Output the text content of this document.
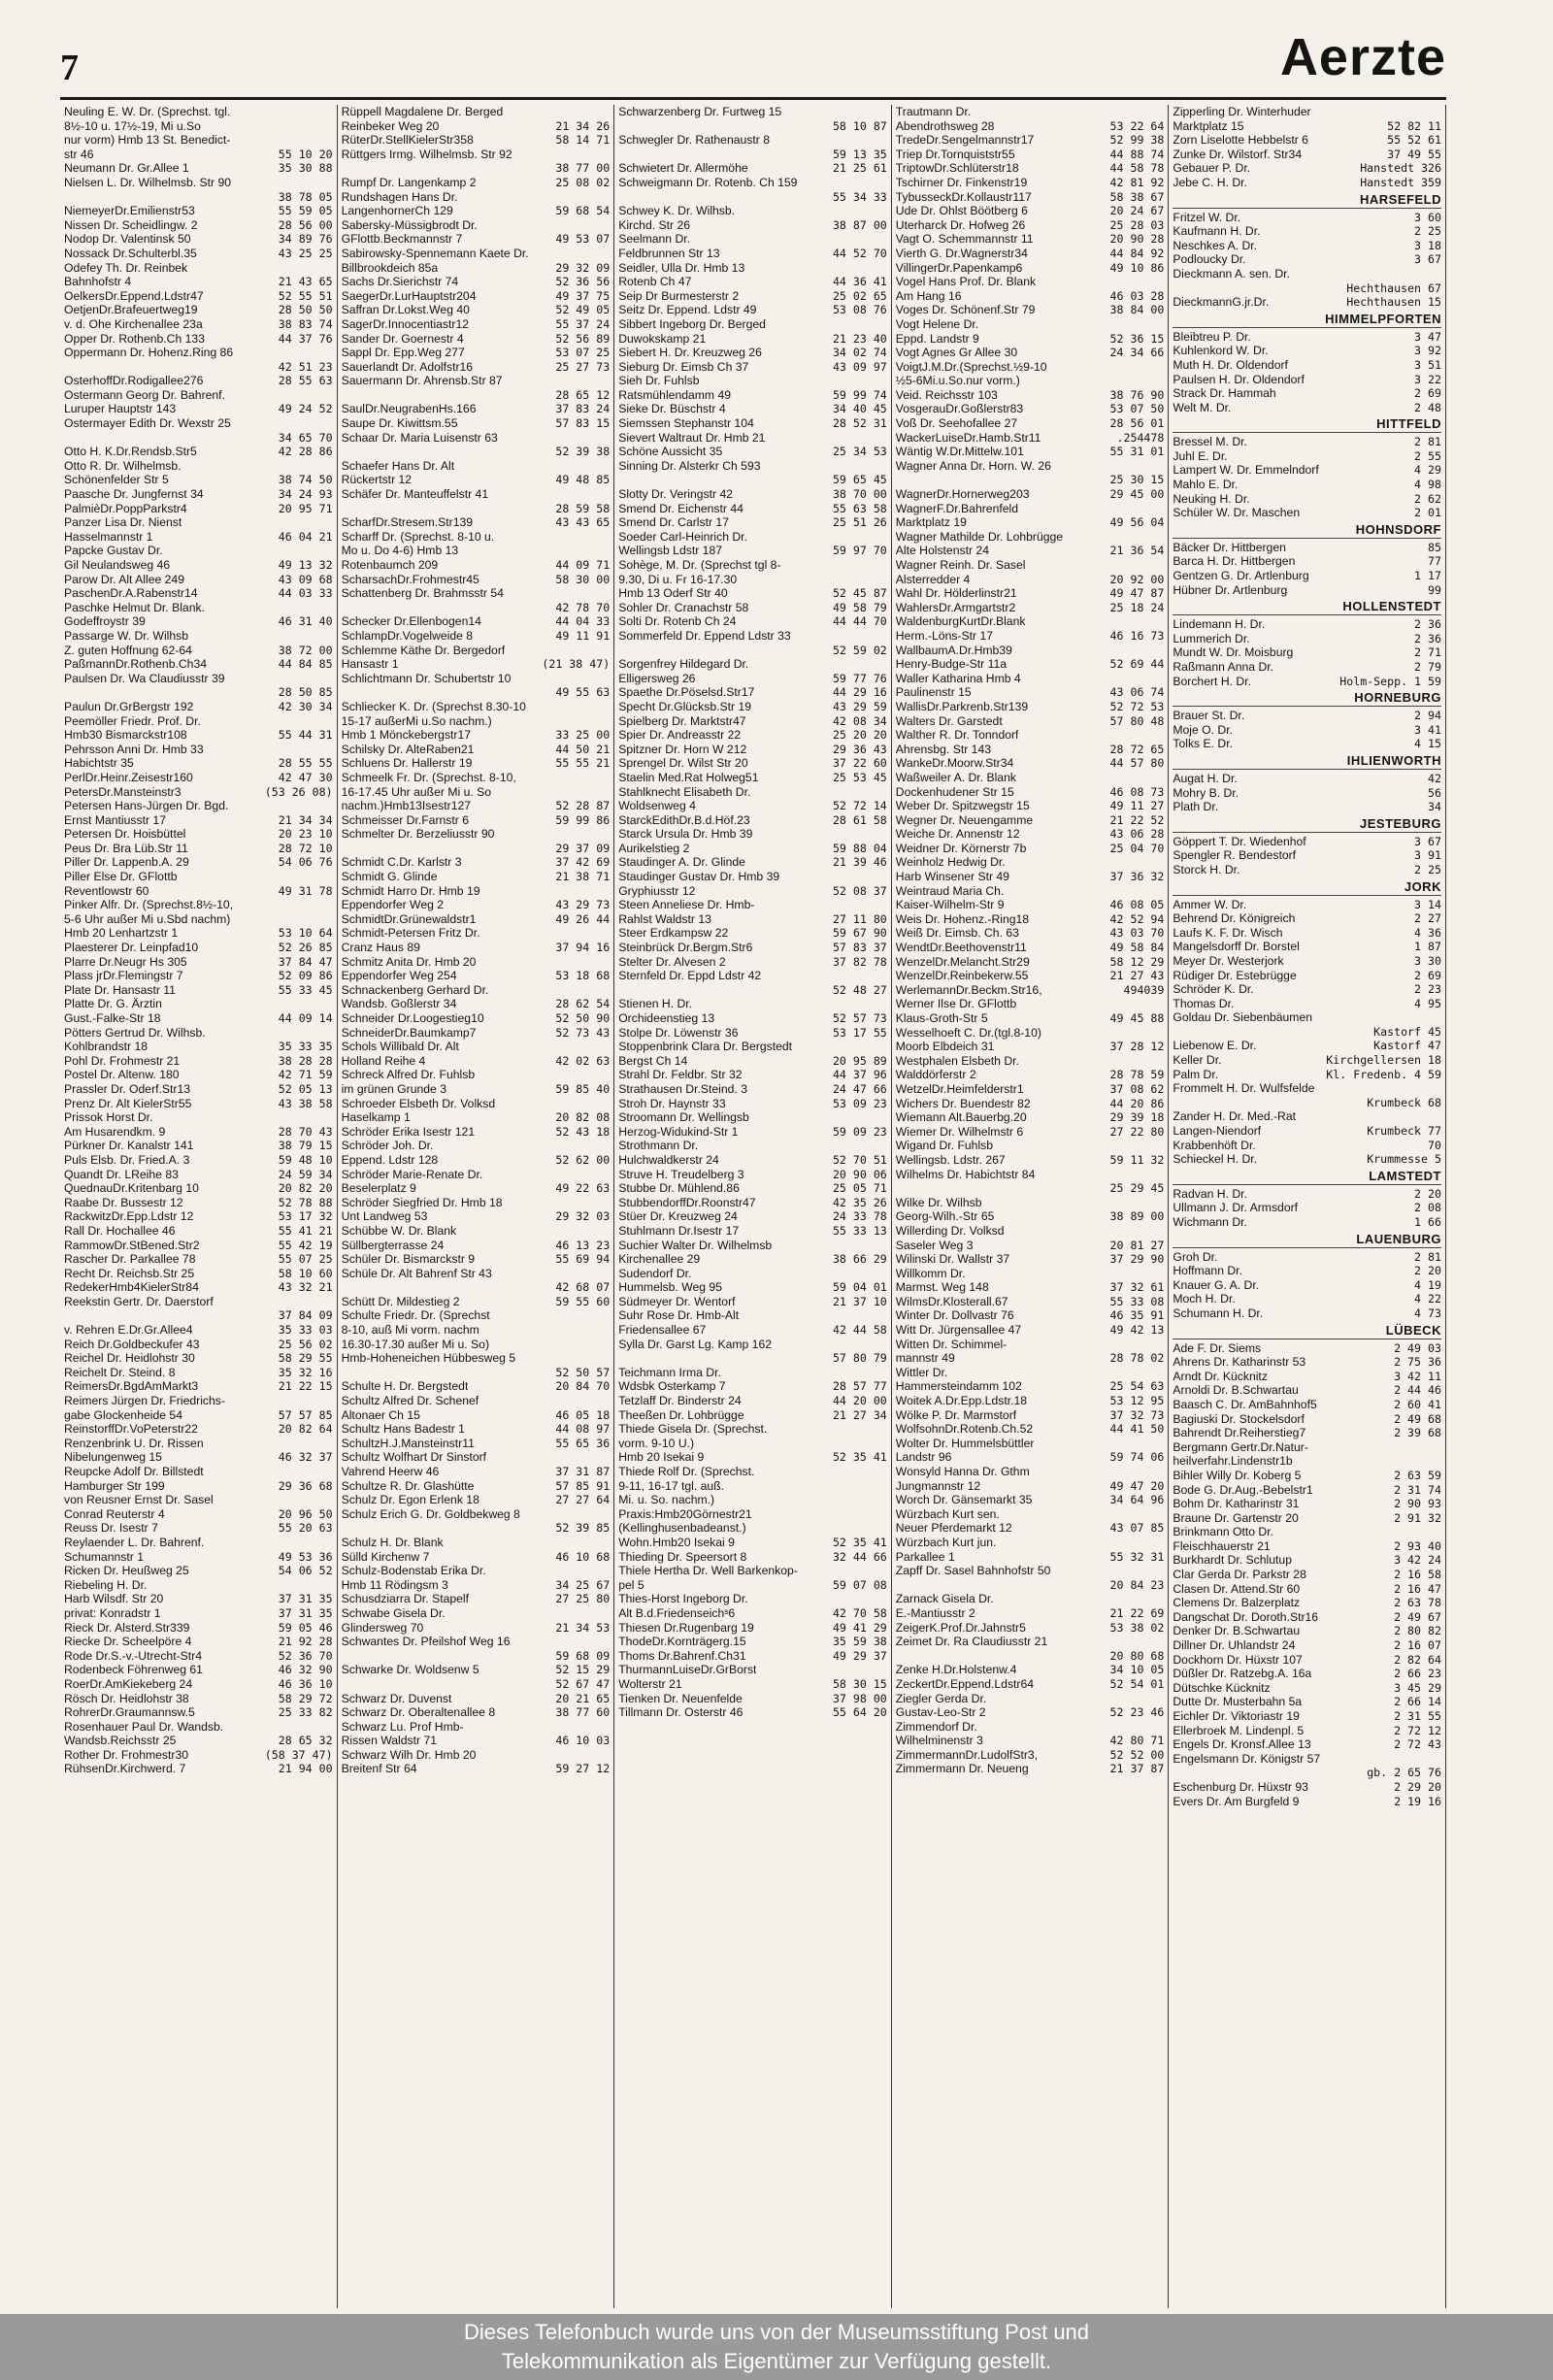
7	Aerzte
Neuling E. W. Dr. (Sprechst. tgl.
8½-10 u. 17½-19, Mi u.So
nur vorm) Hmb 13 St. Benedict-
str 46	55 10 20
Neumann Dr. Gr.Allee 1	35 30 88
Nielsen L. Dr. Wilhelmsb. Str 90
38 78 05
NiemeyerDr.Emilienstr53	55 59 05
Nissen Dr. Scheidlingw. 2	28 56 00
Nodop Dr. Valentinsk 50	34 89 76
Nossack Dr.Schulterbl.35	43 25 25
Odefey Th. Dr. Reinbek
Bahnhofstr 4	21 43 65
OelkersDr.Eppend.Ldstr47	52 55 51
OetjenDr.Brafeuertweg19	28 50 50
v. d. Ohe Kirchenallee 23a	38 83 74
Opper Dr. Rothenb.Ch 133	44 37 76
Oppermann Dr. Hohenz.Ring 86
42 51 23
OsterhoffDr.Rodigallee276	28 55 63
Ostermann Georg Dr. Bahrenf.
Luruper Hauptstr 143	49 24 52
Ostermayer Edith Dr. Wexstr 25
34 65 70
Otto H. K.Dr.Rendsb.Str5	42 28 86
Otto R. Dr. Wilhelmsb.
Schönenfelder Str 5	38 74 50
Paasche Dr. Jungfernst 34	34 24 93
PalmièDr.PoppParkstr4	20 95 71
Panzer Lisa Dr. Nienst
Hasselmannstr 1	46 04 21
Papcke Gustav Dr.
Gil Neulandsweg 46	49 13 32
Parow Dr. Alt Allee 249	43 09 68
PaschenDr.A.Rabenstr14	44 03 33
Paschke Helmut Dr. Blank.
Godeffroystr 39	46 31 40
Passarge W. Dr. Wilhsb
Z. guten Hoffnung 62-64	38 72 00
PaßmannDr.Rothenb.Ch34	44 84 85
Paulsen Dr. Wa Claudiusstr 39
28 50 85
Paulun Dr.GrBergstr 192	42 30 34
Peemöller Friedr. Prof. Dr.
Hmb30 Bismarckstr108	55 44 31
Pehrsson Anni Dr. Hmb 33
Habichtstr 35	28 55 55
PerlDr.Heinr.Zeisestr160	42 47 30
PetersDr.Mansteinstr3	(53 26 08)
Petersen Hans-Jürgen Dr. Bgd.
Ernst Mantiusstr 17	21 34 34
Petersen Dr. Hoisbüttel	20 23 10
Peus Dr. Bra Lüb.Str 11	28 72 10
Piller Dr. Lappenb.A. 29	54 06 76
Piller Else Dr. GFlottb
Reventlowstr 60	49 31 78
Pinker Alfr. Dr. (Sprechst.8½-10,
5-6 Uhr außer Mi u.Sbd nachm)
Hmb 20 Lenhartzstr 1	53 10 64
Plaesterer Dr. Leinpfad10	52 26 85
Plarre Dr.Neugr Hs 305	37 84 47
Plass jrDr.Flemingstr 7	52 09 86
Plate Dr. Hansastr 11	55 33 45
Platte Dr. G. Ärztin
Gust.-Falke-Str 18	44 09 14
Pötters Gertrud Dr. Wilhsb.
Kohlbrandstr 18	35 33 35
Pohl Dr. Frohmestr 21	38 28 28
Postel Dr. Altenw. 180	42 71 59
Prassler Dr. Oderf.Str13	52 05 13
Prenz Dr. Alt KielerStr55	43 38 58
Prissok Horst Dr.
Am Husarendkm. 9	28 70 43
Pürkner Dr. Kanalstr 141	38 79 15
Puls Elsb. Dr. Fried.A. 3	59 48 10
Quandt Dr. LReihe 83	24 59 34
QuednauDr.Kritenbarg 10	20 82 20
Raabe Dr. Bussestr 12	52 78 88
RackwitzDr.Epp.Ldstr 12	53 17 32
Rall Dr. Hochallee 46	55 41 21
RammowDr.StBened.Str2	55 42 19
Rascher Dr. Parkallee 78	55 07 25
Recht Dr. Reichsb.Str 25	58 10 60
RedekerHmb4KielerStr84	43 32 21
Reekstin Gertr. Dr. Daerstorf
37 84 09
v. Rehren E.Dr.Gr.Allee4	35 33 03
Reich Dr.Goldbeckufer 43	25 56 02
Reichel Dr. Heidlohstr 30	58 29 55
Reichelt Dr. Steind. 8	35 32 16
ReimersDr.BgdAmMarkt3	21 22 15
Reimers Jürgen Dr. Friedrichs-
gabe Glockenheide 54	57 57 85
ReinstorffDr.VoPeterstr22	20 82 64
Renzenbrink U. Dr. Rissen
Nibelungenweg 15	46 32 37
Reupcke Adolf Dr. Billstedt
Hamburger Str 199	29 36 68
von Reusner Ernst Dr. Sasel
Conrad Reuterstr 4	20 96 50
Reuss Dr. Isestr 7	55 20 63
Reylaender L. Dr. Bahrenf.
Schumannstr 1	49 53 36
Ricken Dr. Heußweg 25	54 06 52
Riebeling H. Dr.
Harb Wilsdf. Str 20	37 31 35
privat: Konradstr 1	37 31 35
Rieck Dr. Alsterd.Str339	59 05 46
Riecke Dr. Scheelpöre 4	21 92 28
Rode Dr.S.-v.-Utrecht-Str4	52 36 70
Rodenbeck Föhrenweg 61	46 32 90
RoerDr.AmKiekeberg 24	46 36 10
Rösch Dr. Heidlohstr 38	58 29 72
RohrerDr.Graumannsw.5	25 33 82
Rosenhauer Paul Dr. Wandsb.
Wandsb.Reichsstr 25	28 65 32
Rother Dr. Frohmestr30	(58 37 47)
RühsenDr.Kirchwerd. 7	21 94 00
Rüppell Magdalene Dr. Berged
Reinbeker Weg 20	21 34 26
RüterDr.StellKielerStr358	58 14 71
Rüttgers Irmg. Wilhelmsb. Str 92
38 77 00
Rumpf Dr. Langenkamp 2	25 08 02
Rundshagen Hans Dr.
LangenhornerCh 129	59 68 54
Sabersky-Müssigbrodt Dr.
GFlottb.Beckmannstr 7	49 53 07
Sabirowsky-Spennemann Kaete Dr.
Billbrookdeich 85a	29 32 09
Sachs Dr.Sierichstr 74	52 36 56
SaegerDr.LurHauptstr204	49 37 75
Saffran Dr.Lokst.Weg 40	52 49 05
SagerDr.Innocentiastr12	55 37 24
Sander Dr. Goernestr 4	52 56 89
Sappl Dr. Epp.Weg 277	53 07 25
Sauerlandt Dr. Adolfstr16	25 27 73
Sauermann Dr. Ahrensb.Str 87
28 65 12
SaulDr.NeugrabenHs.166	37 83 24
Saupe Dr. Kiwittsm.55	57 83 15
Schaar Dr. Maria Luisenstr 63
52 39 38
Schaefer Hans Dr. Alt
Rückertstr 12	49 48 85
Schäfer Dr. Manteuffelstr 41
28 59 58
ScharfDr.Stresem.Str139	43 43 65
Scharff Dr. (Sprechst. 8-10 u.
Mo u. Do 4-6) Hmb 13
Rotenbaumch 209	44 09 71
ScharsachDr.Frohmestr45	58 30 00
Schattenberg Dr. Brahmsstr 54
42 78 70
Schecker Dr.Ellenbogen14	44 04 33
SchlampDr.Vogelweide 8	49 11 91
Schlemme Käthe Dr. Bergedorf
Hansastr 1	(21 38 47)
Schlichtmann Dr. Schubertstr 10
49 55 63
Schliecker K. Dr. (Sprechst 8.30-10
15-17 außerMi u.So nachm.)
Hmb 1 Mönckebergstr17	33 25 00
Schilsky Dr. AlteRaben21	44 50 21
Schluens Dr. Hallerstr 19	55 55 21
Schmeelk Fr. Dr. (Sprechst. 8-10,
16-17.45 Uhr außer Mi u. So
nachm.)Hmb13Isestr127	52 28 87
Schmeisser Dr.Farnstr 6	59 99 86
Schmelter Dr. Berzeliusstr 90
29 37 09
Schmidt C.Dr. Karlstr 3	37 42 69
Schmidt G. Glinde	21 38 71
Schmidt Harro Dr. Hmb 19
Eppendorfer Weg 2	43 29 73
SchmidtDr.Grünewaldstr1	49 26 44
Schmidt-Petersen Fritz Dr.
Cranz Haus 89	37 94 16
Schmitz Anita Dr. Hmb 20
Eppendorfer Weg 254	53 18 68
Schnackenberg Gerhard Dr.
Wandsb. Goßlerstr 34	28 62 54
Schneider Dr.Loogestieg10	52 50 90
SchneiderDr.Baumkamp7	52 73 43
Schols Willibald Dr. Alt
Holland Reihe 4	42 02 63
Schreck Alfred Dr. Fuhlsb
im grünen Grunde 3	59 85 40
Schroeder Elsbeth Dr. Volksd
Haselkamp 1	20 82 08
Schröder Erika Isestr 121	52 43 18
Schröder Joh. Dr.
Eppend. Ldstr 128	52 62 00
Schröder Marie-Renate Dr.
Beselerplatz 9	49 22 63
Schröder Siegfried Dr. Hmb 18
Unt Landweg 53	29 32 03
Schübbe W. Dr. Blank
Süllbergterrasse 24	46 13 23
Schüler Dr. Bismarckstr 9	55 69 94
Schüle Dr. Alt Bahrenf Str 43
42 68 07
Schütt Dr. Mildestieg 2	59 55 60
Schulte Friedr. Dr. (Sprechst
8-10, auß Mi vorm. nachm
16.30-17.30 außer Mi u. So)
Hmb-Hoheneichen Hübbesweg 5
52 50 57
Schulte H. Dr. Bergstedt	20 84 70
Schultz Alfred Dr. Schenef
Altonaer Ch 15	46 05 18
Schultz Hans Badestr 1	44 08 97
SchultzH.J.Mansteinstr11	55 65 36
Schultz Wolfhart Dr Sinstorf
Vahrend Heerw 46	37 31 87
Schultze R. Dr. Glashütte	57 85 91
Schulz Dr. Egon Erlenk 18	27 27 64
Schulz Erich G. Dr. Goldbekweg 8
52 39 85
Schulz H. Dr. Blank
Sülld Kirchenw 7	46 10 68
Schulz-Bodenstab Erika Dr.
Hmb 11 Rödingsm 3	34 25 67
Schusdziarra Dr. Stapelf	27 25 80
Schwabe Gisela Dr.
Glindersweg 70	21 34 53
Schwantes Dr. Pfeilshof Weg 16
59 68 09
Schwarke Dr. Woldsenw 5	52 15 29
52 67 47
Schwarz Dr. Duvenst	20 21 65
Schwarz Dr. Oberaltenallee 8	38 77 60
Schwarz Lu. Prof Hmb-
Rissen Waldstr 71	46 10 03
Schwarz Wilh Dr. Hmb 20
Breitenf Str 64	59 27 12
Schwarzenberg Dr. Furtweg 15
58 10 87
Schwegler Dr. Rathenaustr 8
59 13 35
Schwietert Dr. Allermöhe	21 25 61
Schweigmann Dr. Rotenb. Ch 159
55 34 33
Schwey K. Dr. Wilhsb.
Kirchd. Str 26	38 87 00
Seelmann Dr.
Feldbrunnen Str 13	44 52 70
Seidler, Ulla Dr. Hmb 13
Rotenb Ch 47	44 36 41
Seip Dr Burmesterstr 2	25 02 65
Seitz Dr. Eppend. Ldstr 49	53 08 76
Sibbert Ingeborg Dr. Berged
Duwokskamp 21	21 23 40
Siebert H. Dr. Kreuzweg 26	34 02 74
Sieburg Dr. Eimsb Ch 37	43 09 97
Sieh Dr. Fuhlsb
Ratsmühlendamm 49	59 99 74
Sieke Dr. Büschstr 4	34 40 45
Siemssen Stephanstr 104	28 52 31
Sievert Waltraut Dr. Hmb 21
Schöne Aussicht 35	25 34 53
Sinning Dr. Alsterkr Ch 593
59 65 45
Slotty Dr. Veringstr 42	38 70 00
Smend Dr. Eichenstr 44	55 63 58
Smend Dr. Carlstr 17	25 51 26
Soeder Carl-Heinrich Dr.
Wellingsb Ldstr 187	59 97 70
Sohège, M. Dr. (Sprechst tgl 8-
9.30, Di u. Fr 16-17.30
Hmb 13 Oderf Str 40	52 45 87
Sohler Dr. Cranachstr 58	49 58 79
Solti Dr. Rotenb Ch 24	44 44 70
Sommerfeld Dr. Eppend Ldstr 33
52 59 02
Sorgenfrey Hildegard Dr.
Elligersweg 26	59 77 76
Spaethe Dr.Pöselsd.Str17	44 29 16
Specht Dr.Glücksb.Str 19	43 29 59
Spielberg Dr. Marktstr47	42 08 34
Spier Dr. Andreasstr 22	25 20 20
Spitzner Dr. Horn W 212	29 36 43
Sprengel Dr. Wilst Str 20	37 22 60
Staelin Med.Rat Holweg51	25 53 45
Stahlknecht Elisabeth Dr.
Woldsenweg 4	52 72 14
StarckEdithDr.B.d.Höf.23	28 61 58
Starck Ursula Dr. Hmb 39
Aurikelstieg 2	59 88 04
Staudinger A. Dr. Glinde	21 39 46
Staudinger Gustav Dr. Hmb 39
Gryphiusstr 12	52 08 37
Steen Anneliese Dr. Hmb-
Rahlst Waldstr 13	27 11 80
Steer Erdkampsw 22	59 67 90
Steinbrück Dr.Bergm.Str6	57 83 37
Stelter Dr. Alvesen 2	37 82 78
Sternfeld Dr. Eppd Ldstr 42
52 48 27
Stienen H. Dr.
Orchideenstieg 13	52 57 73
Stolpe Dr. Löwenstr 36	53 17 55
Stoppenbrink Clara Dr. Bergstedt
Bergst Ch 14	20 95 89
Strahl Dr. Feldbr. Str 32	44 37 96
Strathausen Dr.Steind. 3	24 47 66
Stroh Dr. Haynstr 33	53 09 23
Stroomann Dr. Wellingsb
Herzog-Widukind-Str 1	59 09 23
Strothmann Dr.
Hulchwaldkerstr 24	52 70 51
Struve H. Treudelberg 3	20 90 06
Stubbe Dr. Mühlend.86	25 05 71
StubbendorffDr.Roonstr47	42 35 26
Stüer Dr. Kreuzweg 24	24 33 78
Stuhlmann Dr.Isestr 17	55 33 13
Suchier Walter Dr. Wilhelmsb
Kirchenallee 29	38 66 29
Sudendorf Dr.
Hummelsb. Weg 95	59 04 01
Südmeyer Dr. Wentorf	21 37 10
Suhr Rose Dr. Hmb-Alt
Friedensallee 67	42 44 58
Sylla Dr. Garst Lg. Kamp 162
57 80 79
Teichmann Irma Dr.
Wdsbk Osterkamp 7	28 57 77
Tetzlaff Dr. Binderstr 24	44 20 00
Theeßen Dr. Lohbrügge	21 27 34
Thiede Gisela Dr. (Sprechst.
vorm. 9-10 U.)
Hmb 20 Isekai 9	52 35 41
Thiede Rolf Dr. (Sprechst.
9-11, 16-17 tgl. auß.
Mi. u. So. nachm.)
Praxis:Hmb20Görnestr21
(Kellinghusenbadeanst.)
Wohn.Hmb20 Isekai 9	52 35 41
Thieding Dr. Speersort 8	32 44 66
Thiele Hertha Dr. Well Barkenkop-
pel 5	59 07 08
Thies-Horst Ingeborg Dr.
Alt B.d.Friedenseichˢ6	42 70 58
Thiesen Dr.Rugenbarg 19	49 41 29
ThodeDr.Kornträgerg.15	35 59 38
Thoms Dr.Bahrenf.Ch31	49 29 37
ThurmannLuiseDr.GrBorst
Wolterstr 21	58 30 15
Tienken Dr. Neuenfelde	37 98 00
Tillmann Dr. Osterstr 46	55 64 20
Trautmann Dr.
Abendrothsweg 28	53 22 64
TredeDr.Sengelmannstr17	52 99 38
Triep Dr.Tornquiststr55	44 88 74
TriptowDr.Schlüterstr18	44 58 78
Tschirner Dr. Finkenstr19	42 81 92
TybusseckDr.Kollaustr117	58 38 67
Ude Dr. Ohlst Böötberg 6	20 24 67
Uterharck Dr. Hofweg 26	25 28 03
Vagt O. Schemmannstr 11	20 90 28
Vierth G. Dr.Wagnerstr34	44 84 92
VillingerDr.Papenkamp6	49 10 86
Vogel Hans Prof. Dr. Blank
Am Hang 16	46 03 28
Voges Dr. Schönenf.Str 79	38 84 00
Vogt Helene Dr.
Eppd. Landstr 9	52 36 15
Vogt Agnes Gr Allee 30	24 34 66
VoigtJ.M.Dr.(Sprechst.½9-10
½5-6Mi.u.So.nur vorm.)
Veid. Reichsstr 103	38 76 90
VosgerauDr.Goßlerstr83	53 07 50
Voß Dr. Seehofallee 27	28 56 01
WackerLuiseDr.Hamb.Str11	.254478
Wäntig W.Dr.Mittelw.101	55 31 01
Wagner Anna Dr. Horn. W. 26
25 30 15
WagnerDr.Hornerweg203	29 45 00
WagnerF.Dr.Bahrenfeld
Marktplatz 19	49 56 04
Wagner Mathilde Dr. Lohbrügge
Alte Holstenstr 24	21 36 54
Wagner Reinh. Dr. Sasel
Alsterredder 4	20 92 00
Wahl Dr. Hölderlinstr21	49 47 87
WahlersDr.Armgartstr2	25 18 24
WaldenburgKurtDr.Blank
Herm.-Löns-Str 17	46 16 73
WallbaumA.Dr.Hmb39
Henry-Budge-Str 11a	52 69 44
Waller Katharina Hmb 4
Paulinenstr 15	43 06 74
WallisDr.Parkrenb.Str139	52 72 53
Walters Dr. Garstedt	57 80 48
Walther R. Dr. Tonndorf
Ahrensbg. Str 143	28 72 65
WankeDr.Moorw.Str34	44 57 80
Waßweiler A. Dr. Blank
Dockenhudener Str 15	46 08 73
Weber Dr. Spitzwegstr 15	49 11 27
Wegner Dr. Neuengamme	21 22 52
Weiche Dr. Annenstr 12	43 06 28
Weidner Dr. Körnerstr 7b	25 04 70
Weinholz Hedwig Dr.
Harb Winsener Str 49	37 36 32
Weintraud Maria Ch.
Kaiser-Wilhelm-Str 9	46 08 05
Weis Dr. Hohenz.-Ring18	42 52 94
Weiß Dr. Eimsb. Ch. 63	43 03 70
WendtDr.Beethovenstr11	49 58 84
WenzelDr.Melancht.Str29	58 12 29
WenzelDr.Reinbekerw.55	21 27 43
WerlemannDr.Beckm.Str16,	494039
Werner Ilse Dr. GFlottb
Klaus-Groth-Str 5	49 45 88
Wesselhoeft C. Dr.(tgl.8-10)
Moorb Elbdeich 31	37 28 12
Westphalen Elsbeth Dr.
Walddörferstr 2	28 78 59
WetzelDr.Heimfelderstr1	37 08 62
Wichers Dr. Buendestr 82	44 20 86
Wiemann Alt.Bauerbg.20	29 39 18
Wiemer Dr. Wilhelmstr 6	27 22 80
Wigand Dr. Fuhlsb
Wellingsb. Ldstr. 267	59 11 32
Wilhelms Dr. Habichtstr 84
25 29 45
Wilke Dr. Wilhsb
Georg-Wilh.-Str 65	38 89 00
Willerding Dr. Volksd
Saseler Weg 3	20 81 27
Wilinski Dr. Wallstr 37	37 29 90
Willkomm Dr.
Marmst. Weg 148	37 32 61
WilmsDr.Klosterall.67	55 33 08
Winter Dr. Dollvastr 76	46 35 91
Witt Dr. Jürgensallee 47	49 42 13
Witten Dr. Schimmel-
mannstr 49	28 78 02
Wittler Dr.
Hammersteindamm 102	25 54 63
Woitek A.Dr.Epp.Ldstr.18	53 12 95
Wölke P. Dr. Marmstorf	37 32 73
WolfsohnDr.Rotenb.Ch.52	44 41 50
Wolter Dr. Hummelsbüttler
Landstr 96	59 74 06
Wonsyld Hanna Dr. Gthm
Jungmannstr 12	49 47 20
Worch Dr. Gänsemarkt 35	34 64 96
Würzbach Kurt sen.
Neuer Pferdemarkt 12	43 07 85
Würzbach Kurt jun.
Parkallee 1	55 32 31
Zapff Dr. Sasel Bahnhofstr 50
20 84 23
Zarnack Gisela Dr.
E.-Mantiusstr 2	21 22 69
ZeigerK.Prof.Dr.Jahnstr5	53 38 02
Zeimet Dr. Ra Claudiusstr 21
20 80 68
Zenke H.Dr.Holstenw.4	34 10 05
ZeckertDr.Eppend.Ldstr64	52 54 01
Ziegler Gerda Dr.
Gustav-Leo-Str 2	52 23 46
Zimmendorf Dr.
Wilhelminenstr 3	42 80 71
ZimmermannDr.LudolfStr3,	52 52 00
Zimmermann Dr. Neueng	21 37 87
Zipperling Dr. Winterhuder
Marktplatz 15	52 82 11
Zorn Liselotte Hebbelstr 6	55 52 61
Zunke Dr. Wilstorf. Str34	37 49 55
Gebauer P. Dr.	Hanstedt 326
Jebe C. H. Dr.	Hanstedt 359
HARSEFELD
Fritzel W. Dr.	3 60
Kaufmann H. Dr.	2 25
Neschkes A. Dr.	3 18
Podloucky Dr.	3 67
Dieckmann A. sen. Dr.
Hechthausen 67
DieckmannG.jr.Dr.	Hechthausen 15
HIMMELPFORTEN
Bleibtreu P. Dr.	3 47
Kuhlenkord W. Dr.	3 92
Muth H. Dr. Oldendorf	3 51
Paulsen H. Dr. Oldendorf	3 22
Strack Dr. Hammah	2 69
Welt M. Dr.	2 48
HITTFELD
Bressel M. Dr.	2 81
Juhl E. Dr.	2 55
Lampert W. Dr. Emmelndorf	4 29
Mahlo E. Dr.	4 98
Neuking H. Dr.	2 62
Schüler W. Dr. Maschen	2 01
HOHNSDORF
Bäcker Dr. Hittbergen	85
Barca H. Dr. Hittbergen	77
Gentzen G. Dr. Artlenburg	1 17
Hübner Dr. Artlenburg	99
HOLLENSTEDT
Lindemann H. Dr.	2 36
Lummerich Dr.	2 36
Mundt W. Dr. Moisburg	2 71
Raßmann Anna Dr.	2 79
Borchert H. Dr.	Holm-Sepp. 1 59
HORNEBURG
Brauer St. Dr.	2 94
Moje O. Dr.	3 41
Tolks E. Dr.	4 15
IHLIENWORTH
Augat H. Dr.	42
Mohry B. Dr.	56
Plath Dr.	34
JESTEBURG
Göppert T. Dr. Wiedenhof	3 67
Spengler R. Bendestorf	3 91
Storck H. Dr.	2 25
JORK
Ammer W. Dr.	3 14
Behrend Dr. Königreich	2 27
Laufs K. F. Dr. Wisch	4 36
Mangelsdorff Dr. Borstel	1 87
Meyer Dr. Westerjork	3 30
Rüdiger Dr. Estebrügge	2 69
Schröder K. Dr.	2 23
Thomas Dr.	4 95
Goldau Dr. Siebenbäumen
Kastorf 45
Liebenow E. Dr.	Kastorf 47
Keller Dr.	Kirchgellersen 18
Palm Dr.	Kl. Fredenb. 4 59
Frommelt H. Dr. Wulfsfelde
Krumbeck 68
Zander H. Dr. Med.-Rat
Langen-Niendorf	Krumbeck 77
Krabbenhöft Dr.	70
Schieckel H. Dr.	Krummesse 5
LAMSTEDT
Radvan H. Dr.	2 20
Ullmann J. Dr. Armsdorf	2 08
Wichmann Dr.	1 66
LAUENBURG
Groh Dr.	2 81
Hoffmann Dr.	2 20
Knauer G. A. Dr.	4 19
Moch H. Dr.	4 22
Schumann H. Dr.	4 73
LÜBECK
Ade F. Dr. Siems	2 49 03
Ahrens Dr. Katharinstr 53	2 75 36
Arndt Dr. Kücknitz	3 42 11
Arnoldi Dr. B.Schwartau	2 44 46
Baasch C. Dr. AmBahnhof5	2 60 41
Bagiuski Dr. Stockelsdorf	2 49 68
Bahrendt Dr.Reiherstieg7	2 39 68
Bergmann Gertr.Dr.Natur-
heilverfahr.Lindenstr1b
Bihler Willy Dr. Koberg 5	2 63 59
Bode G. Dr.Aug.-Bebelstr1	2 31 74
Bohm Dr. Katharinstr 31	2 90 93
Braune Dr. Gartenstr 20	2 91 32
Brinkmann Otto Dr.
Fleischhauerstr 21	2 93 40
Burkhardt Dr. Schlutup	3 42 24
Clar Gerda Dr. Parkstr 28	2 16 58
Clasen Dr. Attend.Str 60	2 16 47
Clemens Dr. Balzerplatz	2 63 78
Dangschat Dr. Doroth.Str16	2 49 67
Denker Dr. B.Schwartau	2 80 82
Dillner Dr. Uhlandstr 24	2 16 07
Dockhorn Dr. Hüxstr 107	2 82 64
Düßler Dr. Ratzebg.A. 16a	2 66 23
Dütschke Kücknitz	3 45 29
Dutte Dr. Musterbahn 5a	2 66 14
Eichler Dr. Viktoriastr 19	2 31 55
Ellerbroek M. Lindenpl. 5	2 72 12
Engels Dr. Kronsf.Allee 13	2 72 43
Engelsmann Dr. Königstr 57
gb. 2 65 76
Eschenburg Dr. Hüxstr 93	2 29 20
Evers Dr. Am Burgfeld 9	2 19 16
Dieses Telefonbuch wurde uns von der Museumsstiftung Post und
Telekommunikation als Eigentümer zur Verfügung gestellt.
